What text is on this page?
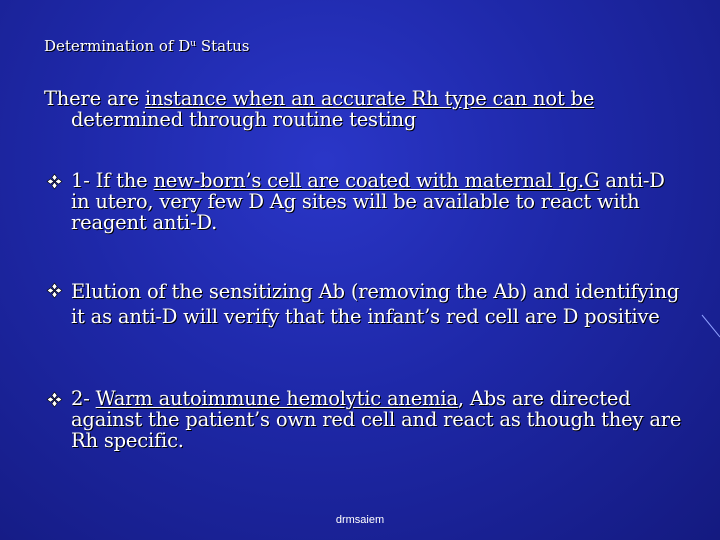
Determination of $D^u$ Status
There are instance when an accurate Rh type can not be
determined through routine testing
1- If the new-born’s cell are coated with maternal Ig.G anti-D in utero, very few D Ag sites will be available to react with reagent anti-D.
Elution of the sensitizing Ab (removing the Ab) and identifying it as anti-D will verify that the infant’s red cell are D positive
2- Warm autoimmune hemolytic anemia, Abs are directed against the patient’s own red cell and react as though they are Rh specific.
drmsaiem
